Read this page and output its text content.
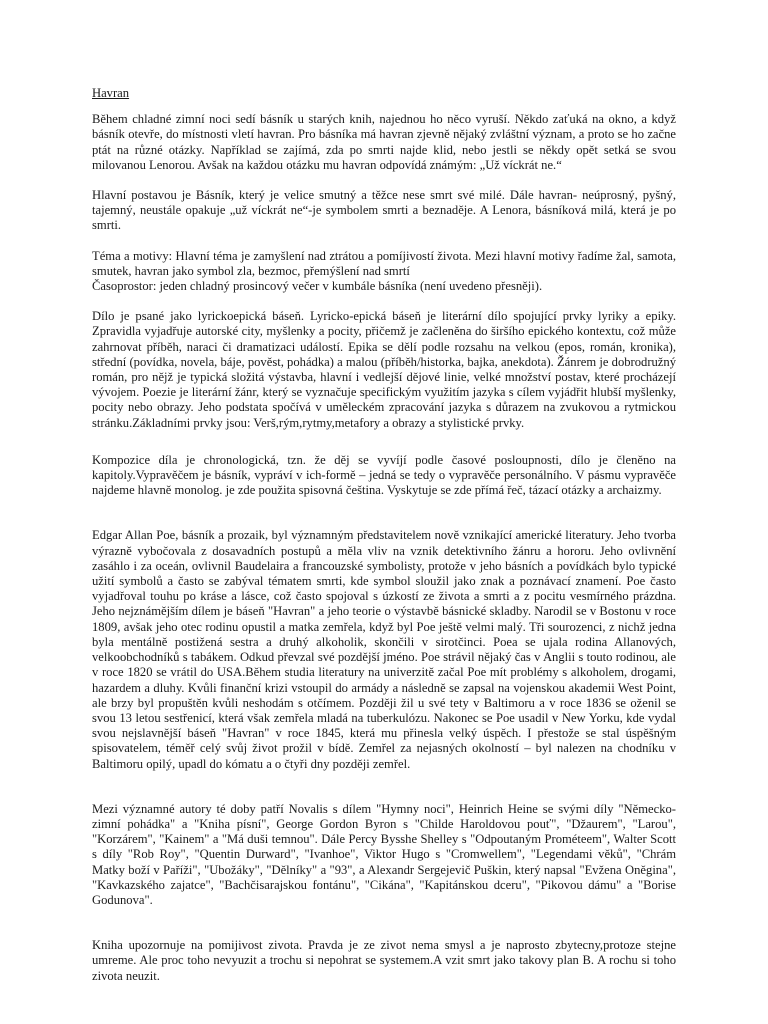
Havran

Během chladné zimní noci sedí básník u starých knih, najednou ho něco vyruší. Někdo zaťuká na okno, a když básník otevře, do místnosti vletí havran. Pro básníka má havran zjevně nějaký zvláštní význam, a proto se ho začne ptát na různé otázky. Například se zajímá, zda po smrti najde klid, nebo jestli se někdy opět setká se svou milovanou Lenorou. Avšak na každou otázku mu havran odpovídá známým: „Už víckrát ne.“

Hlavní postavou je Básník, který je velice smutný a těžce nese smrt své milé. Dále havran- neúprosný, pyšný, tajemný, neustále opakuje „už víckrát ne“-je symbolem smrti a beznaděje. A Lenora, básníková milá, která je po smrti.

Téma a motivy: Hlavní téma je zamyšlení nad ztrátou a pomíjivostí života. Mezi hlavní motivy řadíme žal, samota, smutek, havran jako symbol zla, bezmoc, přemýšlení nad smrtí

Časoprostor: jeden chladný prosincový večer v kumbále básníka (není uvedeno přesněji).

Dílo je psané jako lyrickoepická báseň. Lyricko-epická báseň je literární dílo spojující prvky lyriky a epiky. Zpravidla vyjadřuje autorské city, myšlenky a pocity, přičemž je začleněna do širšího epického kontextu, což může zahrnovat příběh, naraci či dramatizaci událostí. Epika se dělí podle rozsahu na velkou (epos, román, kronika), střední (povídka, novela, báje, pověst, pohádka) a malou (příběh/historka, bajka, anekdota). Žánrem je dobrodružný román, pro nějž je typická složitá výstavba, hlavní i vedlejší dějové linie, velké množství postav, které procházejí vývojem. Poezie je literární žánr, který se vyznačuje specifickým využitím jazyka s cílem vyjádřit hlubší myšlenky, pocity nebo obrazy. Jeho podstata spočívá v uměleckém zpracování jazyka s důrazem na zvukovou a rytmickou stránku.Základními prvky jsou: Verš,rým,rytmy,metafory a obrazy a stylistické prvky.

Kompozice díla je chronologická, tzn. že děj se vyvíjí podle časové posloupnosti, dílo je členěno na kapitoly.Vypravěčem je básník, vypráví v ich-formě – jedná se tedy o vypravěče personálního. V pásmu vypravěče najdeme hlavně monolog. je zde použita spisovná čeština. Vyskytuje se zde přímá řeč, tázací otázky a archaizmy.

Edgar Allan Poe, básník a prozaik, byl významným představitelem nově vznikající americké literatury. Jeho tvorba výrazně vybočovala z dosavadních postupů a měla vliv na vznik detektivního žánru a hororu. Jeho ovlivnění zasáhlo i za oceán, ovlivnil Baudelaira a francouzské symbolisty, protože v jeho básních a povídkách bylo typické užití symbolů a často se zabýval tématem smrti, kde symbol sloužil jako znak a poznávací znamení. Poe často vyjadřoval touhu po kráse a lásce, což často spojoval s úzkostí ze života a smrti a z pocitu vesmírného prázdna. Jeho nejznámějším dílem je báseň "Havran" a jeho teorie o výstavbě básnické skladby. Narodil se v Bostonu v roce 1809, avšak jeho otec rodinu opustil a matka zemřela, když byl Poe ještě velmi malý. Tři sourozenci, z nichž jedna byla mentálně postižená sestra a druhý alkoholik, skončili v sirotčinci. Poea se ujala rodina Allanových, velkoobchodníků s tabákem. Odkud převzal své pozdější jméno. Poe strávil nějaký čas v Anglii s touto rodinou, ale v roce 1820 se vrátil do USA.Během studia literatury na univerzitě začal Poe mít problémy s alkoholem, drogami, hazardem a dluhy. Kvůli finanční krizi vstoupil do armády a následně se zapsal na vojenskou akademii West Point, ale brzy byl propuštěn kvůli neshodám s otčímem. Později žil u své tety v Baltimoru a v roce 1836 se oženil se svou 13 letou sestřenicí, která však zemřela mladá na tuberkulózu. Nakonec se Poe usadil v New Yorku, kde vydal svou nejslavnější báseň "Havran" v roce 1845, která mu přinesla velký úspěch. I přestože se stal úspěšným spisovatelem, téměř celý svůj život prožil v bídě. Zemřel za nejasných okolností – byl nalezen na chodníku v Baltimoru opilý, upadl do kómatu a o čtyři dny později zemřel.

Mezi významné autory té doby patří Novalis s dílem "Hymny noci", Heinrich Heine se svými díly "Německo-zimní pohádka" a "Kniha písní", George Gordon Byron s "Childe Haroldovou pouť", "Džaurem", "Larou", "Korzárem", "Kainem" a "Má duši temnou". Dále Percy Bysshe Shelley s "Odpoutaným Prométeem", Walter Scott s díly "Rob Roy", "Quentin Durward", "Ivanhoe", Viktor Hugo s "Cromwellem", "Legendami věků", "Chrám Matky boží v Paříži", "Ubožáky", "Dělníky" a "93", a Alexandr Sergejevič Puškin, který napsal "Evžena Oněgina", "Kavkazského zajatce", "Bachčisarajskou fontánu", "Cikána", "Kapitánskou dceru", "Pikovou dámu" a "Borise Godunova".

Kniha upozornuje na pomijivost zivota. Pravda je ze zivot nema smysl a je naprosto zbytecny,protoze stejne umreme. Ale proc toho nevyuzit a trochu si nepohrat se systemem.A vzit smrt jako takovy plan B. A rochu si toho zivota neuzit.
